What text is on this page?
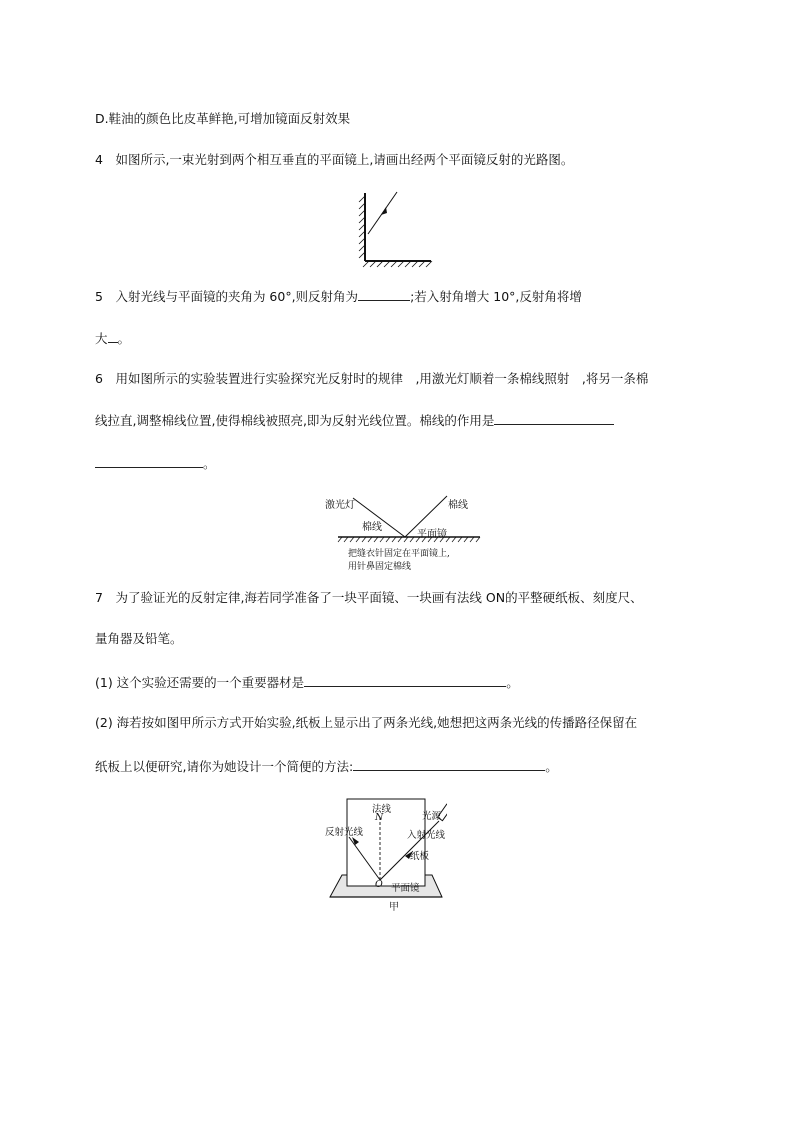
D.鞋油的颜色比皮革鲜艳,可增加镜面反射效果
4　如图所示,一束光射到两个相互垂直的平面镜上,请画出经两个平面镜反射的光路图。
5　入射光线与平面镜的夹角为 60°,则反射角为	;若入射角增大 10°,反射角将增
大 。
6　用如图所示的实验装置进行实验探究光反射时的规律　,用激光灯顺着一条棉线照射　,将另一条棉
线拉直,调整棉线位置,使得棉线被照亮,即为反射光线位置。棉线的作用是
。
激光灯	棉线
棉线
平面镜
把缝衣针固定在平面镜上,
用针鼻固定棉线
7　为了验证光的反射定律,海若同学准备了一块平面镜、一块画有法线 ON的平整硬纸板、刻度尺、
量角器及铅笔。
(1) 这个实验还需要的一个重要器材是	。
(2) 海若按如图甲所示方式开始实验,纸板上显示出了两条光线,她想把这两条光线的传播路径保留在
纸板上以便研究,请你为她设计一个简便的方法:	。
法线
N	光源
反射光线	入射光线
纸板
O 平面镜
甲
